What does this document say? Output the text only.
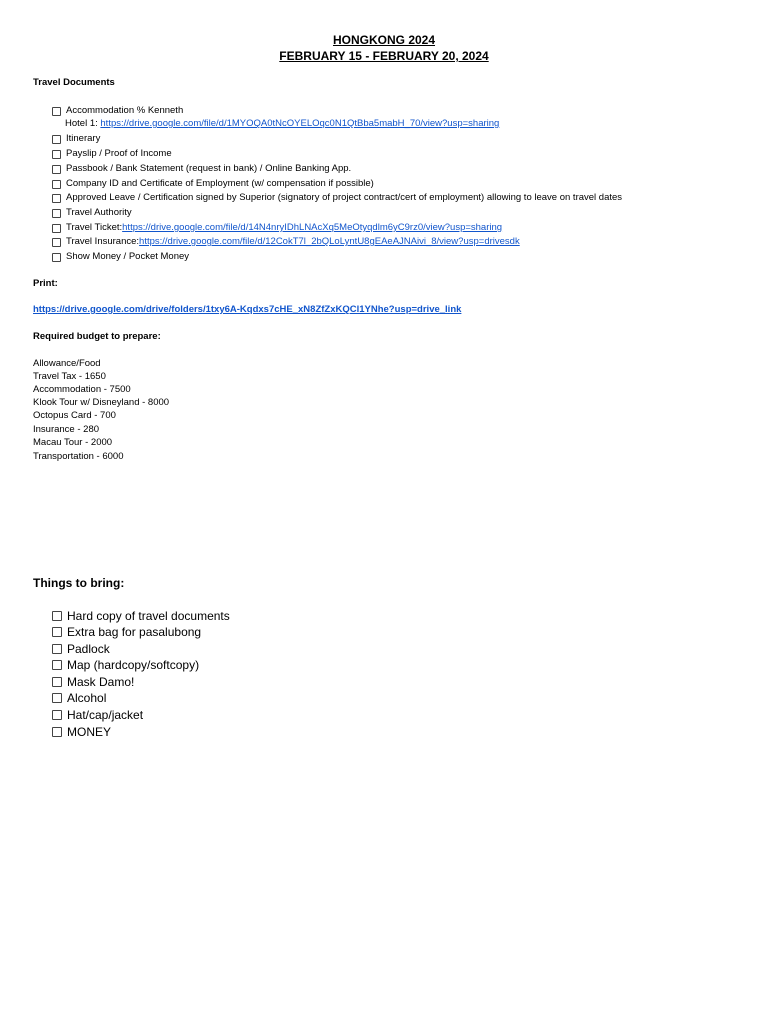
HONGKONG 2024
FEBRUARY 15 - FEBRUARY 20, 2024
Travel Documents
Accommodation % Kenneth
Hotel 1: https://drive.google.com/file/d/1MYOQA0tNcOYELOqc0N1QtBba5mabH_70/view?usp=sharing
Itinerary
Payslip / Proof of Income
Passbook / Bank Statement (request in bank) / Online Banking App.
Company ID and Certificate of Employment (w/ compensation if possible)
Approved Leave / Certification signed by Superior (signatory of project contract/cert of employment) allowing to leave on travel dates
Travel Authority
Travel Ticket: https://drive.google.com/file/d/14N4nryIDhLNAcXq5MeOtyqdlm6yC9rz0/view?usp=sharing
Travel Insurance: https://drive.google.com/file/d/12CokT7l_2bQLoLyntU8gEAeAJNAivi_8/view?usp=drivesdk
Show Money / Pocket Money
Print:
https://drive.google.com/drive/folders/1txy6A-Kqdxs7cHE_xN8ZfZxKQCl1YNhe?usp=drive_link
Required budget to prepare:
Allowance/Food
Travel Tax - 1650
Accommodation - 7500
Klook Tour w/ Disneyland - 8000
Octopus Card - 700
Insurance - 280
Macau Tour - 2000
Transportation - 6000
Things to bring:
Hard copy of travel documents
Extra bag for pasalubong
Padlock
Map (hardcopy/softcopy)
Mask Damo!
Alcohol
Hat/cap/jacket
MONEY
